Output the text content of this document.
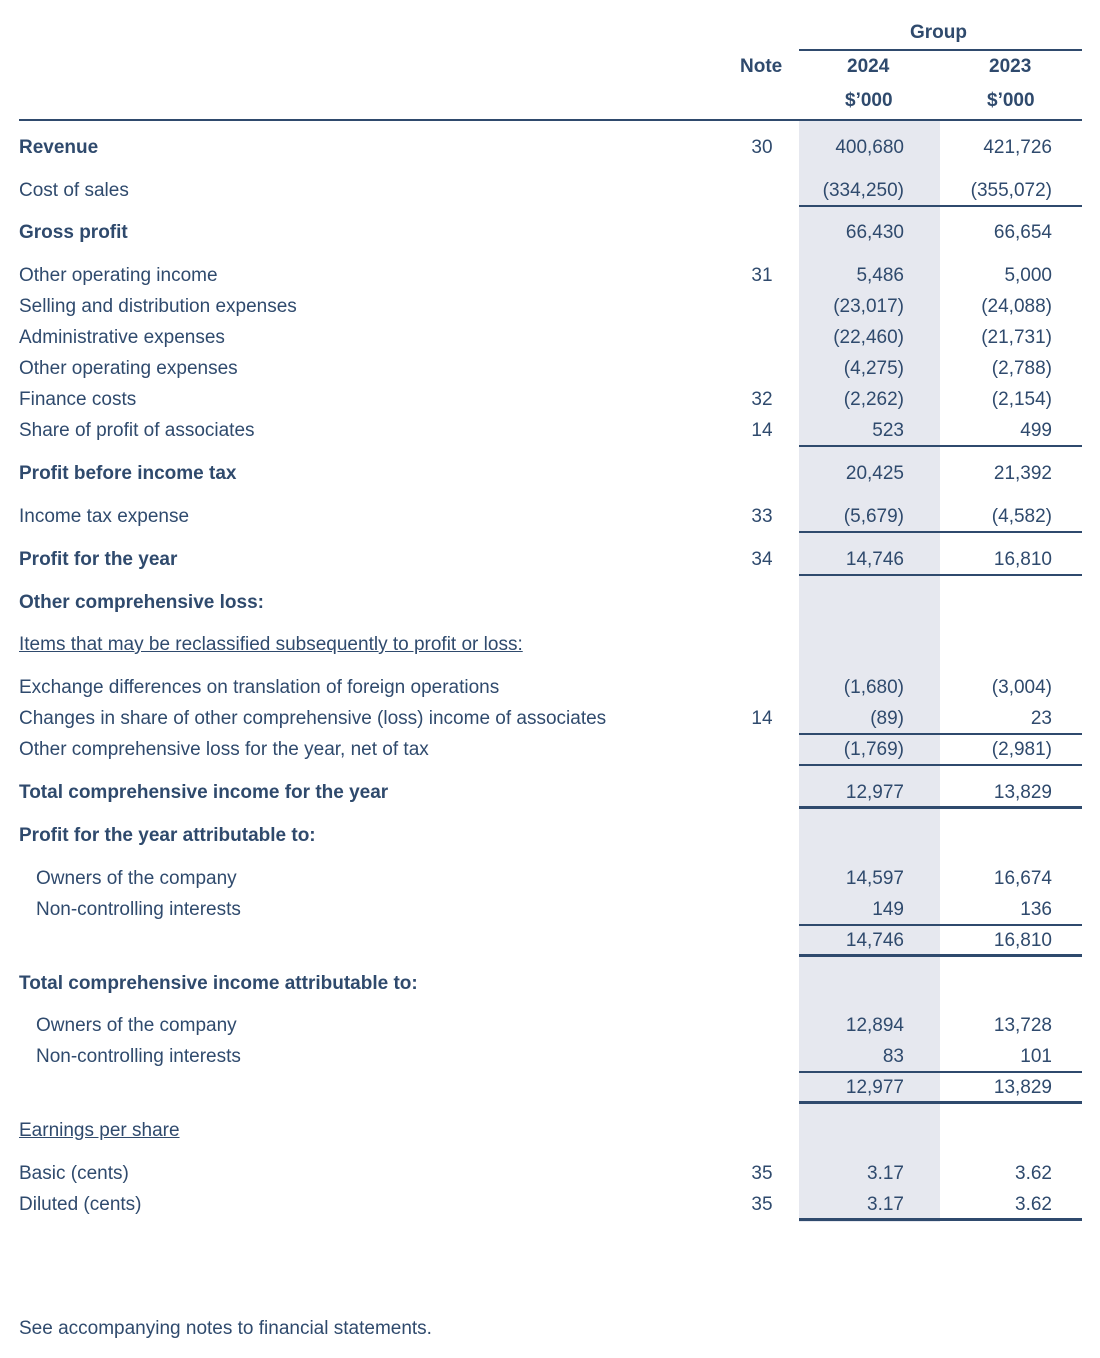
Group
Note	2024	2023
$’000	$’000
Revenue	30	400,680	421,726
Cost of sales	(334,250)	(355,072)
Gross profit	66,430	66,654
Other operating income	31	5,486	5,000
Selling and distribution expenses	(23,017)	(24,088)
Administrative expenses	(22,460)	(21,731)
Other operating expenses	(4,275)	(2,788)
Finance costs	32	(2,262)	(2,154)
Share of profit of associates	14	523	499
Profit before income tax	20,425	21,392
Income tax expense	33	(5,679)	(4,582)
Profit for the year	34	14,746	16,810
Other comprehensive loss:
Items that may be reclassified subsequently to profit or loss:
Exchange differences on translation of foreign operations	(1,680)	(3,004)
Changes in share of other comprehensive (loss) income of associates	14	(89)	23
Other comprehensive loss for the year, net of tax	(1,769)	(2,981)
Total comprehensive income for the year	12,977	13,829
Profit for the year attributable to:
Owners of the company	14,597	16,674
Non-controlling interests	149	136
14,746	16,810
Total comprehensive income attributable to:
Owners of the company	12,894	13,728
Non-controlling interests	83	101
12,977	13,829
Earnings per share
Basic (cents)	35	3.17	3.62
Diluted (cents)	35	3.17	3.62
See accompanying notes to financial statements.
